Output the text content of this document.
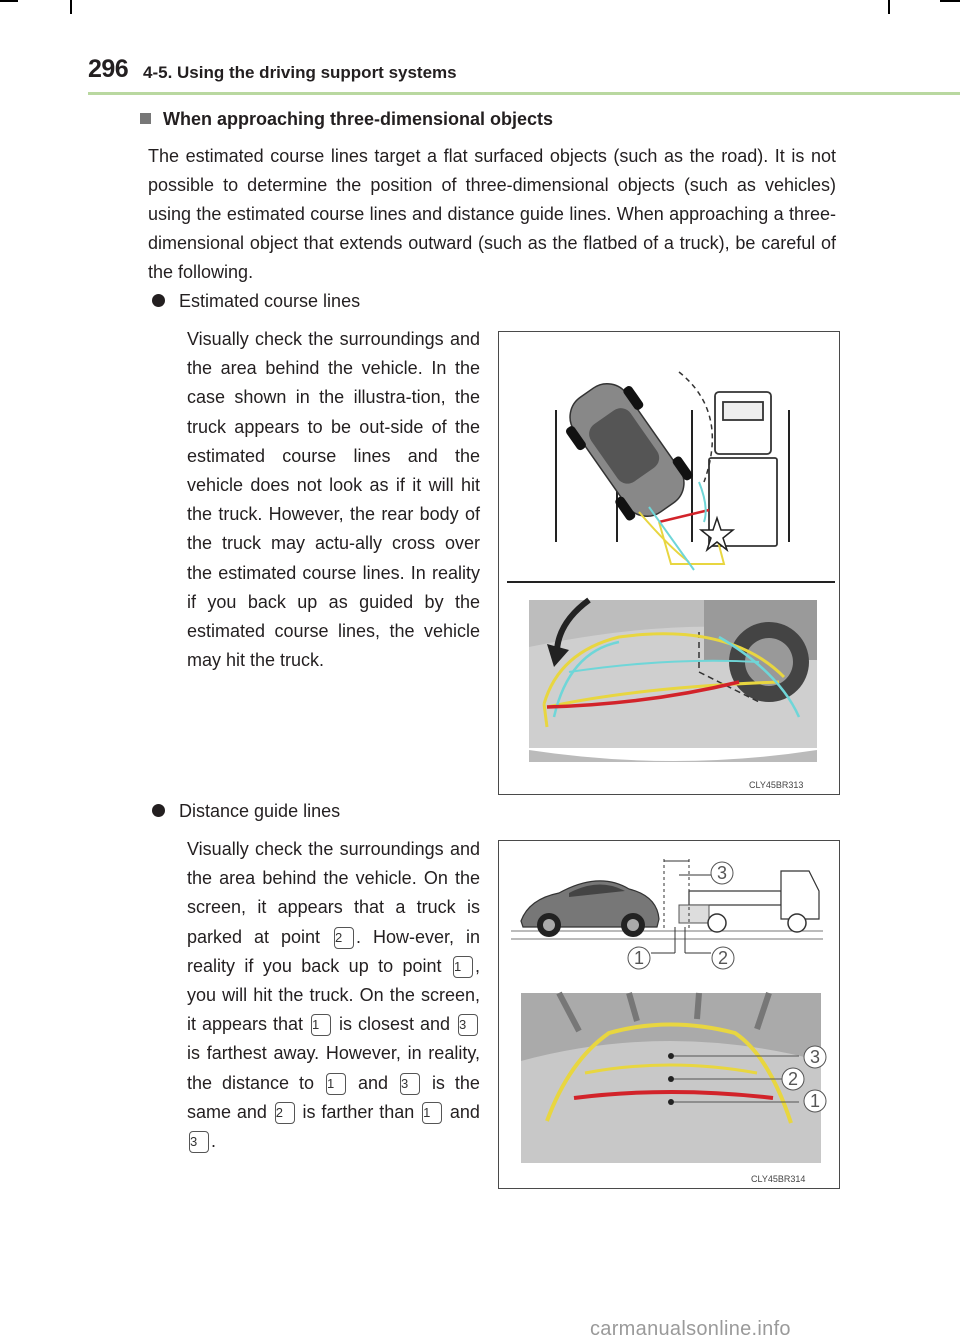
296 4-5. Using the driving support systems
When approaching three-dimensional objects
The estimated course lines target a flat surfaced objects (such as the road). It is not possible to determine the position of three-dimensional objects (such as vehicles) using the estimated course lines and distance guide lines. When approaching a three-dimensional object that extends outward (such as the flatbed of a truck), be careful of the following.
Estimated course lines

Visually check the surroundings and the area behind the vehicle. In the case shown in the illustra-tion, the truck appears to be out-side of the estimated course lines and the vehicle does not look as if it will hit the truck. However, the rear body of the truck may actu-ally cross over the estimated course lines. In reality if you back up as guided by the estimated course lines, the vehicle may hit the truck.

CLY45BR313
Distance guide lines

Visually check the surroundings and the area behind the vehicle. On the screen, it appears that a truck is parked at point 2 . How-ever, in reality if you back up to point 1 , you will hit the truck. On the screen, it appears that 1 is closest and 3 is farthest away. However, in reality, the distance to 1 and 3 is the same and 2 is farther than 1 and 3 .

3
1	2
3
2
1
CLY45BR314
carmanualsonline.info
